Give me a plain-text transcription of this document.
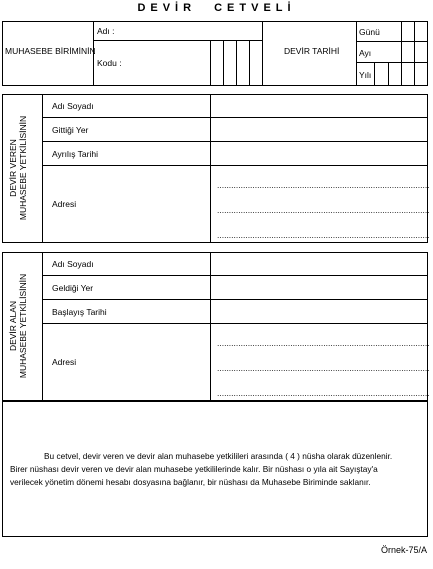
DEVİR CETVELİ
MUHASEBE BİRİMİNİN
Adı :
Kodu :
DEVİR TARİHİ
Günü
Ayı
Yılı
DEVİR VEREN MUHASEBE YETKİLİSİNİN
Adı Soyadı
Gittiği Yer
Ayrılış Tarihi
Adresi
..........................................................................................
..........................................................................................
..........................................................................................
DEVİR ALAN MUHASEBE YETKİLİSİNİN
Adı Soyadı
Geldiği Yer
Başlayış Tarihi
Adresi
..........................................................................................
..........................................................................................
..........................................................................................
Bu cetvel, devir veren ve devir alan muhasebe yetkilileri arasında ( 4 ) nüsha olarak düzenlenir.
Birer nüshası devir veren ve devir alan muhasebe yetkililerinde kalır. Bir nüshası o yıla ait Sayıştay'a
verilecek yönetim dönemi hesabı dosyasına bağlanır, bir nüshası da Muhasebe Biriminde saklanır.
Örnek-75/A
